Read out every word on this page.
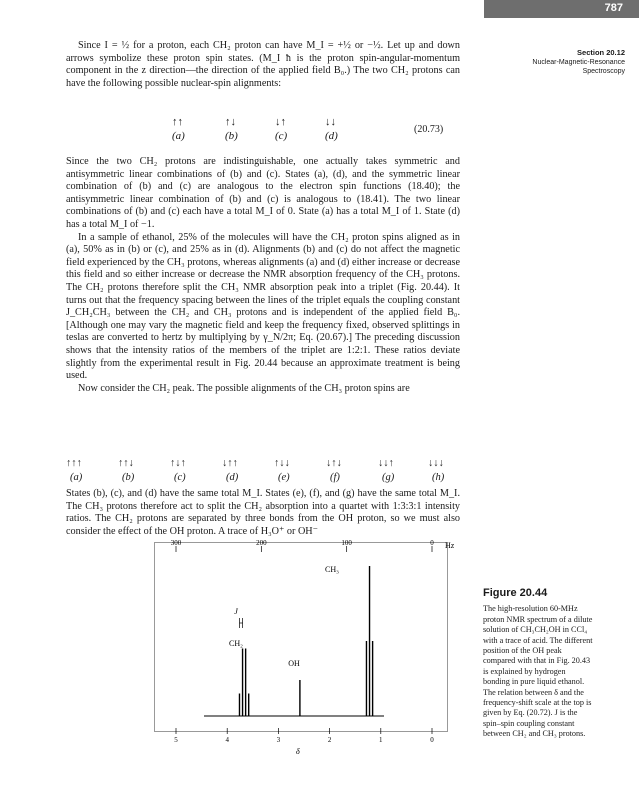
787
Section 20.12
Nuclear-Magnetic-Resonance
Spectroscopy

Since I = ½ for a proton, each CH₂ proton can have M_I = +½ or −½. Let up and down arrows symbolize these proton spin states. (M_I ħ is the proton spin-angular-momentum component in the z direction—the direction of the applied field B₀.) The two CH₂ protons can have the following possible nuclear-spin alignments:

↑↑
(a)
↑↓
(b)
↓↑
(c)
↓↓
(d)
(20.73)

Since the two CH₂ protons are indistinguishable, one actually takes symmetric and antisymmetric linear combinations of (b) and (c). States (a), (d), and the symmetric linear combination of (b) and (c) are analogous to the electron spin functions (18.40); the antisymmetric linear combination of (b) and (c) is analogous to (18.41). The two linear combinations of (b) and (c) each have a total M_I of 0. State (a) has a total M_I of 1. State (d) has a total M_I of −1.

In a sample of ethanol, 25% of the molecules will have the CH₂ proton spins aligned as in (a), 50% as in (b) or (c), and 25% as in (d). Alignments (b) and (c) do not affect the magnetic field experienced by the CH₃ protons, whereas alignments (a) and (d) either increase or decrease this field and so either increase or decrease the NMR absorption frequency of the CH₃ protons. The CH₂ protons therefore split the CH₃ NMR absorption peak into a triplet (Fig. 20.44). It turns out that the frequency spacing between the lines of the triplet equals the coupling constant J_CH₂CH₃ between the CH₂ and CH₃ protons and is independent of the applied field B₀. [Although one may vary the magnetic field and keep the frequency fixed, observed splittings in teslas are converted to hertz by multiplying by γ_N/2π; Eq. (20.67).] The preceding discussion shows that the intensity ratios of the members of the triplet are 1:2:1. These ratios deviate slightly from the experimental result in Fig. 20.44 because an approximate treatment is being used.

Now consider the CH₂ peak. The possible alignments of the CH₃ proton spins are

↑↑↑
(a)
↑↑↓
(b)
↑↓↑
(c)
↓↑↑
(d)
↑↓↓
(e)
↓↑↓
(f)
↓↓↑
(g)
↓↓↓
(h)

States (b), (c), and (d) have the same total M_I. States (e), (f), and (g) have the same total M_I. The CH₃ protons therefore act to split the CH₂ absorption into a quartet with 1:3:3:1 intensity ratios. The CH₂ protons are separated by three bonds from the OH proton, so we must also consider the effect of the OH proton. A trace of H₃O⁺ or OH⁻

300	200	100	0
5	4	3	2	1	0
CH₃
CH₂
OH
J
Hz
δ
Figure 20.44
The high-resolution 60-MHz proton NMR spectrum of a dilute solution of CH₃CH₂OH in CCl₄ with a trace of acid. The different position of the OH peak compared with that in Fig. 20.43 is explained by hydrogen bonding in pure liquid ethanol. The relation between δ and the frequency-shift scale at the top is given by Eq. (20.72). J is the spin–spin coupling constant between CH₂ and CH₃ protons.
